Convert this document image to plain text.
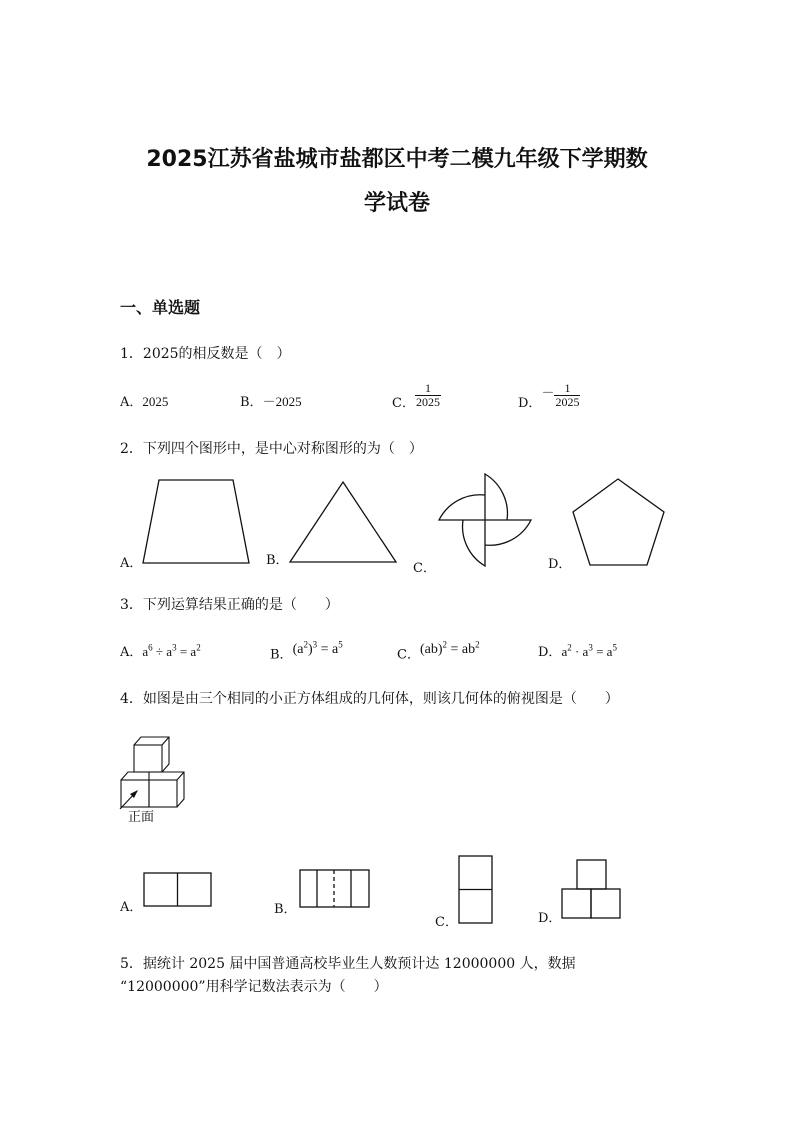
2025江苏省盐城市盐都区中考二模九年级下学期数
学试卷
一、单选题
1．2025的相反数是（　）
A．2025	B．－2025	C． $\frac{1}{2025}$	D．－ $\frac{1}{2025}$
2．下列四个图形中，是中心对称图形的为（　）
A．	B．
C．	D．
3．下列运算结果正确的是（　　）
A．$a^6 \div a^3 = a^2$	B．$(a^2)^3 = a^5$
C．$(ab)^2 = ab^2$
D．$a^2 \cdot a^3 = a^5$
4．如图是由三个相同的小正方体组成的几何体，则该几何体的俯视图是（　　）
正面
A．	B．
C．	D．
5．据统计 2025 届中国普通高校毕业生人数预计达 12000000 人，数据
“12000000”用科学记数法表示为（　　）
